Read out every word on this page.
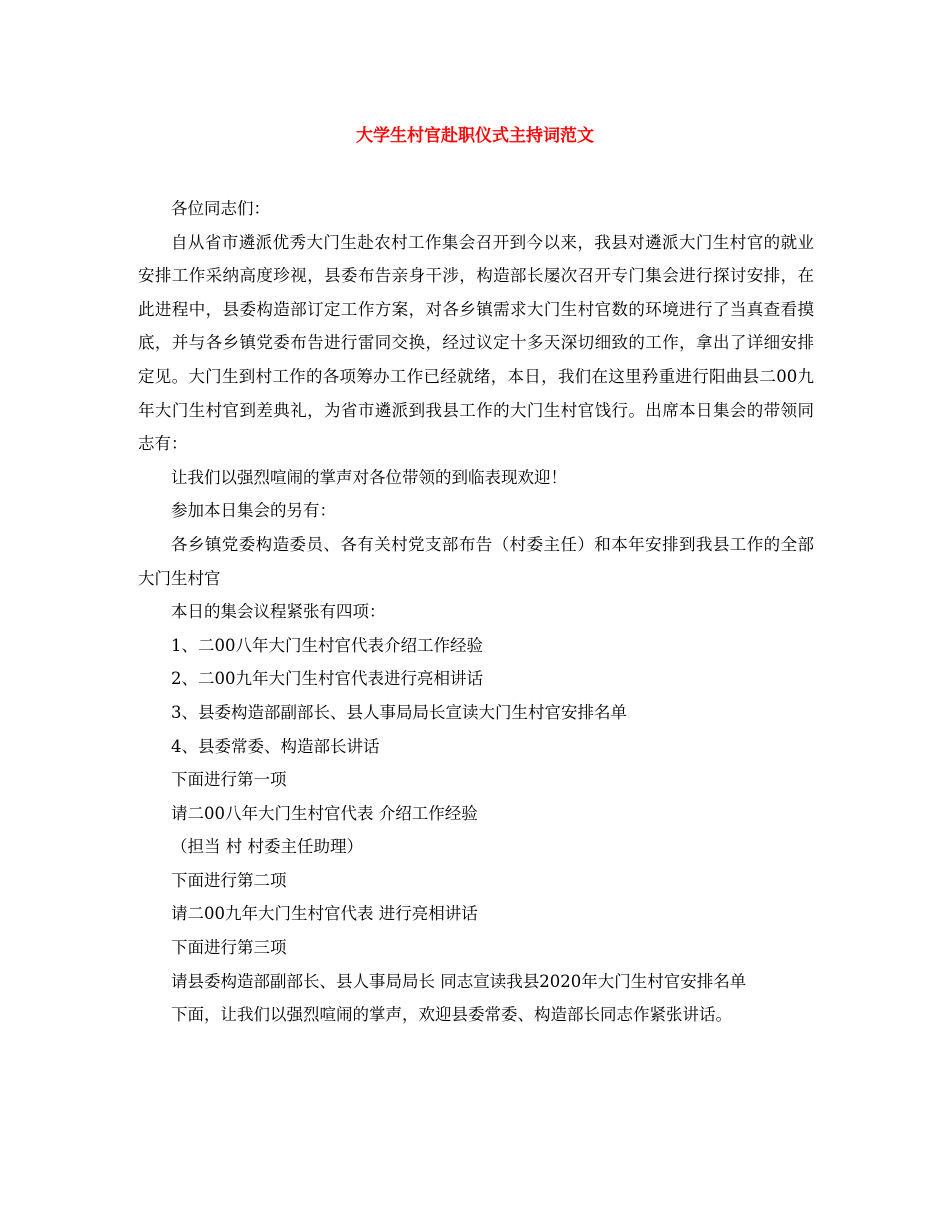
大学生村官赴职仪式主持词范文

各位同志们：

自从省市遴派优秀大门生赴农村工作集会召开到今以来，我县对遴派大门生村官的就业安排工作采纳高度珍视，县委布告亲身干涉，构造部长屡次召开专门集会进行探讨安排，在此进程中，县委构造部订定工作方案，对各乡镇需求大门生村官数的环境进行了当真查看摸底，并与各乡镇党委布告进行雷同交换，经过议定十多天深切细致的工作，拿出了详细安排定见。大门生到村工作的各项筹办工作已经就绪，本日，我们在这里矜重进行阳曲县二00九年大门生村官到差典礼，为省市遴派到我县工作的大门生村官饯行。出席本日集会的带领同志有：

让我们以强烈喧闹的掌声对各位带领的到临表现欢迎！

参加本日集会的另有：

各乡镇党委构造委员、各有关村党支部布告（村委主任）和本年安排到我县工作的全部大门生村官

本日的集会议程紧张有四项：

1、二00八年大门生村官代表介绍工作经验

2、二00九年大门生村官代表进行亮相讲话

3、县委构造部副部长、县人事局局长宣读大门生村官安排名单

4、县委常委、构造部长讲话

下面进行第一项

请二00八年大门生村官代表 介绍工作经验

（担当 村 村委主任助理）

下面进行第二项

请二00九年大门生村官代表 进行亮相讲话

下面进行第三项

请县委构造部副部长、县人事局局长 同志宣读我县2020年大门生村官安排名单

下面，让我们以强烈喧闹的掌声，欢迎县委常委、构造部长同志作紧张讲话。
